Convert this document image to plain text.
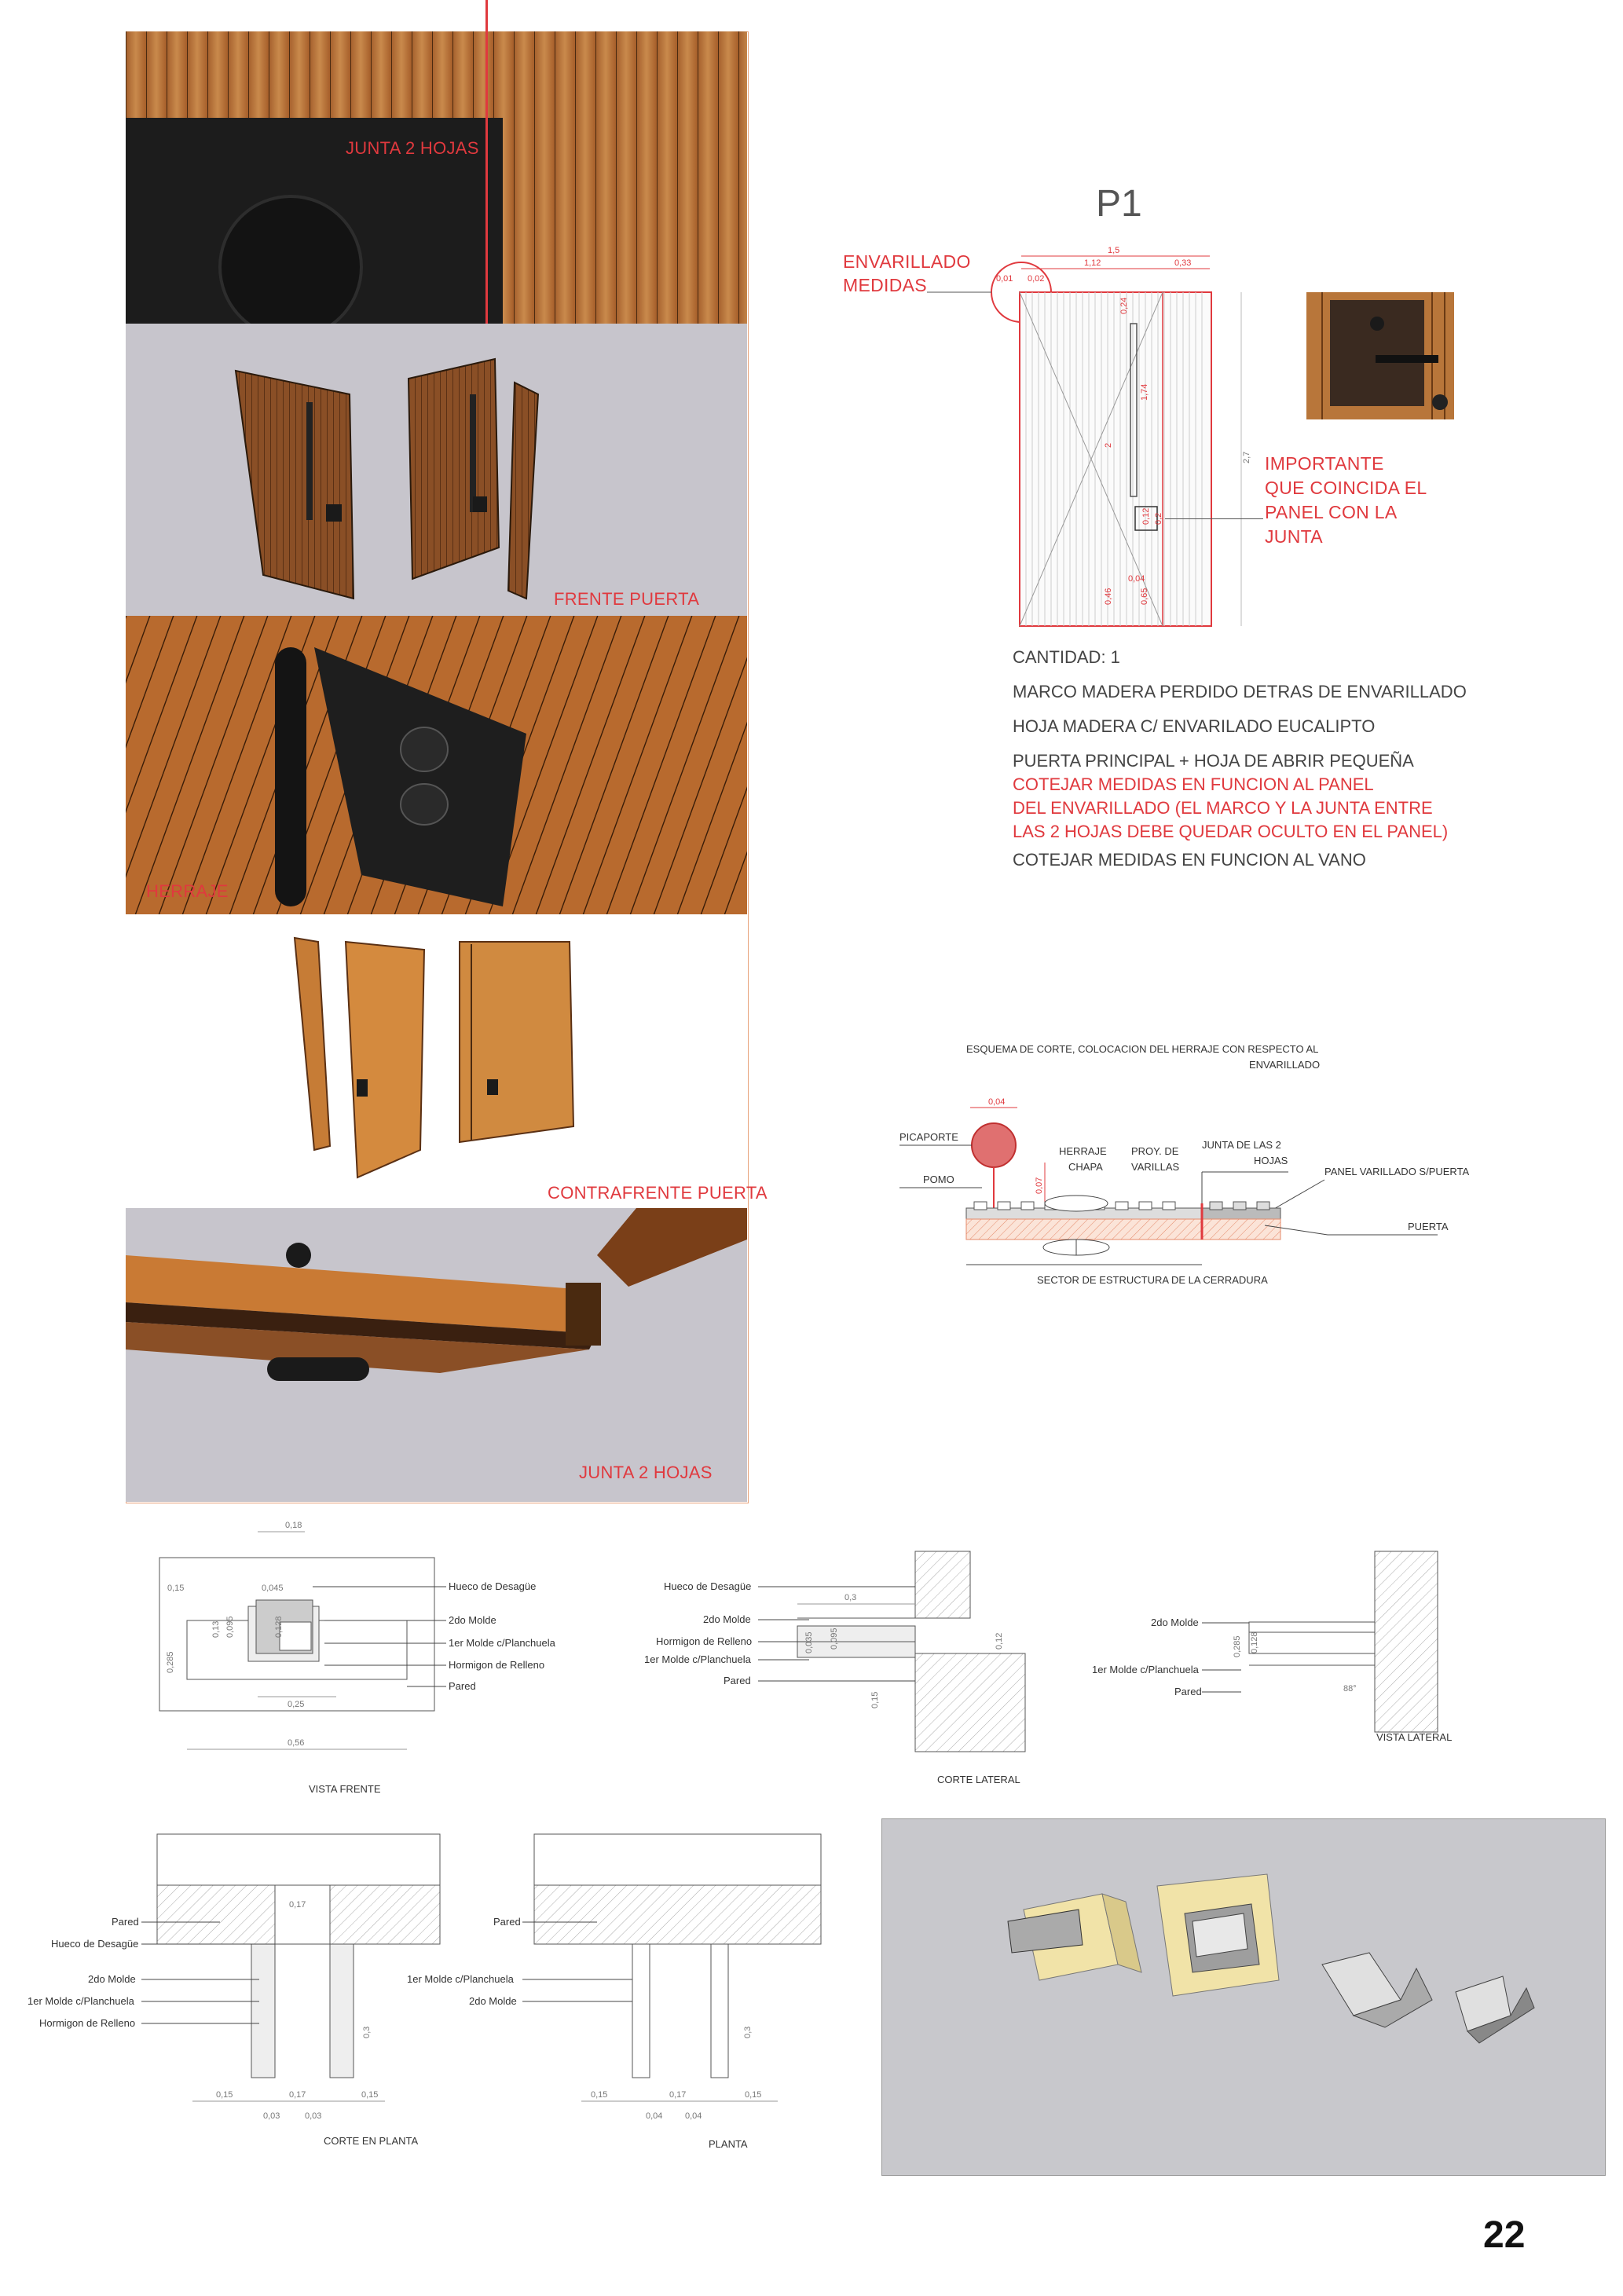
JUNTA 2 HOJAS
FRENTE PUERTA
HERRAJE
CONTRAFRENTE PUERTA
JUNTA 2 HOJAS
P1
ENVARILLADO
MEDIDAS
1,5
1,12	0,33
0,01 0,02
0,24
1,74
2
2,7
0,46	0,65
0,04
0,12 0,2
IMPORTANTE
QUE COINCIDA EL
PANEL CON LA
JUNTA
CANTIDAD: 1
MARCO MADERA PERDIDO DETRAS DE ENVARILLADO
HOJA MADERA C/ ENVARILADO EUCALIPTO
PUERTA PRINCIPAL + HOJA DE ABRIR PEQUEÑA
COTEJAR MEDIDAS EN FUNCION AL PANEL
DEL ENVARILLADO (EL MARCO Y LA JUNTA ENTRE
LAS 2 HOJAS DEBE QUEDAR OCULTO EN EL PANEL)
COTEJAR MEDIDAS EN FUNCION AL VANO
ESQUEMA DE CORTE, COLOCACION DEL HERRAJE CON RESPECTO AL
ENVARILLADO
0,04
PICAPORTE
POMO	0,07
HERRAJE
CHAPA
PROY. DE
VARILLAS
JUNTA DE LAS 2
HOJAS
PANEL VARILLADO S/PUERTA
PUERTA
SECTOR DE ESTRUCTURA DE LA CERRADURA
0,18
0,15	0,045
0,13 0,095	0,128
0,285
0,25
0,56
Hueco de Desagüe
2do Molde
1er Molde c/Planchuela
Hormigon de Relleno
Pared
VISTA FRENTE
0,3
0,095
0,035	0,12
0,15
Hueco de Desagüe
2do Molde
Hormigon de Relleno
1er Molde c/Planchuela
Pared
CORTE LATERAL
0,285 0,128
88°
2do Molde
1er Molde c/Planchuela
Pared
VISTA LATERAL
0,17
0,3
0,15	0,17	0,15
0,03	0,03
Pared
Hueco de Desagüe
2do Molde
1er Molde c/Planchuela
Hormigon de Relleno
CORTE EN PLANTA
0,3
0,15	0,17	0,15
0,04	0,04
Pared
1er Molde c/Planchuela
2do Molde
PLANTA
22
